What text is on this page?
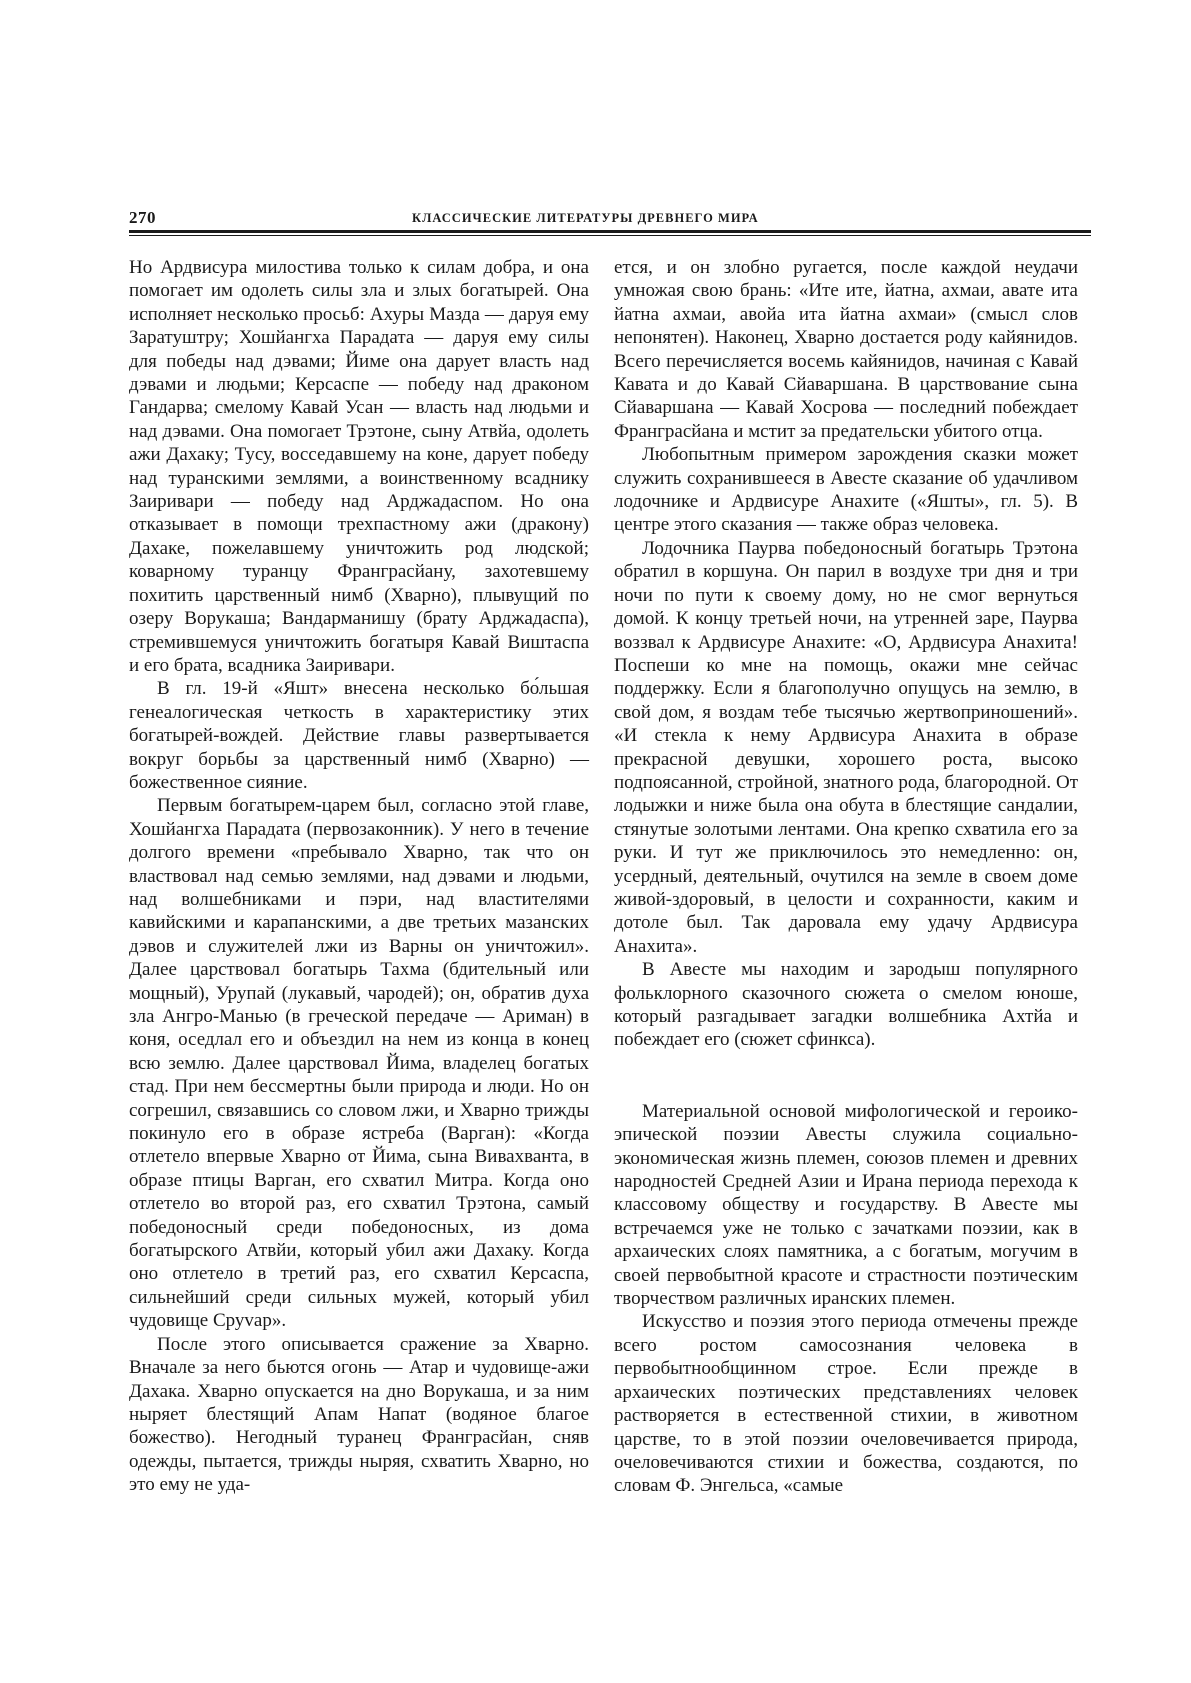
270	КЛАССИЧЕСКИЕ ЛИТЕРАТУРЫ ДРЕВНЕГО МИРА

Но Ардвисура милостива только к силам добра, и она помогает им одолеть силы зла и злых богатырей. Она исполняет несколько просьб: Ахуры Мазда — даруя ему Заратуштру; Хошйангха Парадата — даруя ему силы для победы над дэвами; Йиме она дарует власть над дэвами и людьми; Керсаспе — победу над драконом Гандарва; смелому Кавай Усан — власть над людьми и над дэвами. Она помогает Трэтоне, сыну Атвйа, одолеть ажи Дахаку; Тусу, восседавшему на коне, дарует победу над туранскими землями, а воинственному всаднику Заиривари — победу над Арджадаспом. Но она отказывает в помощи трехпастному ажи (дракону) Дахаке, пожелавшему уничтожить род людской; коварному туранцу Франграсйану, захотевшему похитить царственный нимб (Хварно), плывущий по озеру Ворукаша; Вандарманишу (брату Арджадаспа), стремившемуся уничтожить богатыря Кавай Виштаспа и его брата, всадника Заиривари.

В гл. 19-й «Яшт» внесена несколько бо́льшая генеалогическая четкость в характеристику этих богатырей-вождей. Действие главы развертывается вокруг борьбы за царственный нимб (Хварно) — божественное сияние.

Первым богатырем-царем был, согласно этой главе, Хошйангха Парадата (первозаконник). У него в течение долгого времени «пребывало Хварно, так что он властвовал над семью землями, над дэвами и людьми, над волшебниками и пэри, над властителями кавийскими и карапанскими, а две третьих мазанских дэвов и служителей лжи из Варны он уничтожил». Далее царствовал богатырь Тахма (бдительный или мощный), Урупай (лукавый, чародей); он, обратив духа зла Ангро-Манью (в греческой передаче — Ариман) в коня, оседлал его и объездил на нем из конца в конец всю землю. Далее царствовал Йима, владелец богатых стад. При нем бессмертны были природа и люди. Но он согрешил, связавшись со словом лжи, и Хварно трижды покинуло его в образе ястреба (Варган): «Когда отлетело впервые Хварно от Йима, сына Вивахванта, в образе птицы Варган, его схватил Митра. Когда оно отлетело во второй раз, его схватил Трэтона, самый победоносный среди победоносных, из дома богатырского Атвйи, который убил ажи Дахаку. Когда оно отлетело в третий раз, его схватил Керсаспа, сильнейший среди сильных мужей, который убил чудовище Сруvар».

После этого описывается сражение за Хварно. Вначале за него бьются огонь — Атар и чудовище-ажи Дахака. Хварно опускается на дно Ворукаша, и за ним ныряет блестящий Апам Напат (водяное благое божество). Негодный туранец Франграсйан, сняв одежды, пытается, трижды ныряя, схватить Хварно, но это ему не уда-

ется, и он злобно ругается, после каждой неудачи умножая свою брань: «Ите ите, йатна, ахмаи, авате ита йатна ахмаи, авойа ита йатна ахмаи» (смысл слов непонятен). Наконец, Хварно достается роду кайянидов. Всего перечисляется восемь кайянидов, начиная с Кавай Кавата и до Кавай Сйаваршана. В царствование сына Сйаваршана — Кавай Хосрова — последний побеждает Франграсйана и мстит за предательски убитого отца.

Любопытным примером зарождения сказки может служить сохранившееся в Авесте сказание об удачливом лодочнике и Ардвисуре Анахите («Яшты», гл. 5). В центре этого сказания — также образ человека.

Лодочника Паурва победоносный богатырь Трэтона обратил в коршуна. Он парил в воздухе три дня и три ночи по пути к своему дому, но не смог вернуться домой. К концу третьей ночи, на утренней заре, Паурва воззвал к Ардвисуре Анахите: «О, Ардвисура Анахита! Поспеши ко мне на помощь, окажи мне сейчас поддержку. Если я благополучно опущусь на землю, в свой дом, я воздам тебе тысячью жертвоприношений». «И стекла к нему Ардвисура Анахита в образе прекрасной девушки, хорошего роста, высоко подпоясанной, стройной, знатного рода, благородной. От лодыжки и ниже была она обута в блестящие сандалии, стянутые золотыми лентами. Она крепко схватила его за руки. И тут же приключилось это немедленно: он, усердный, деятельный, очутился на земле в своем доме живой-здоровый, в целости и сохранности, каким и дотоле был. Так даровала ему удачу Ардвисура Анахита».

В Авесте мы находим и зародыш популярного фольклорного сказочного сюжета о смелом юноше, который разгадывает загадки волшебника Ахтйа и побеждает его (сюжет сфинкса).

Материальной основой мифологической и героико-эпической поэзии Авесты служила социально-экономическая жизнь племен, союзов племен и древних народностей Средней Азии и Ирана периода перехода к классовому обществу и государству. В Авесте мы встречаемся уже не только с зачатками поэзии, как в архаических слоях памятника, а с богатым, могучим в своей первобытной красоте и страстности поэтическим творчеством различных иранских племен.

Искусство и поэзия этого периода отмечены прежде всего ростом самосознания человека в первобытнообщинном строе. Если прежде в архаических поэтических представлениях человек растворяется в естественной стихии, в животном царстве, то в этой поэзии очеловечивается природа, очеловечиваются стихии и божества, создаются, по словам Ф. Энгельса, «самые
